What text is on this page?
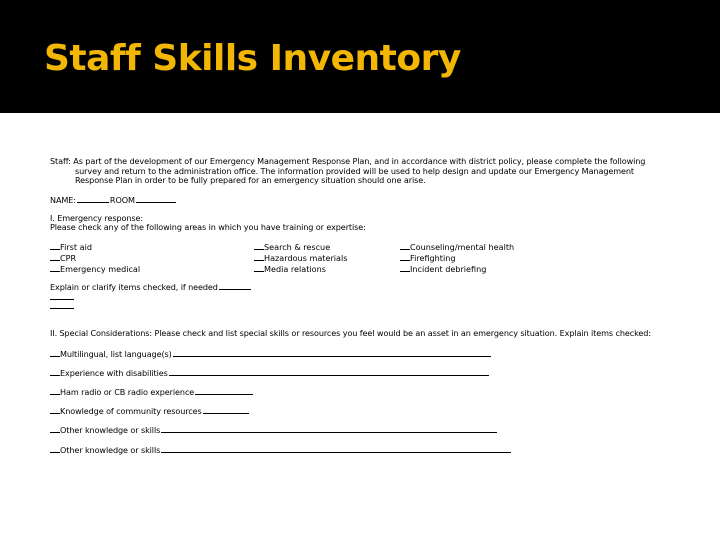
Staff Skills Inventory
Staff: As part of the development of our Emergency Management Response Plan, and in accordance with district policy, please complete the following
survey and return to the administration office. The information provided will be used to help design and update our Emergency Management
Response Plan in order to be fully prepared for an emergency situation should one arise.
NAME:	ROOM
I. Emergency response:
Please check any of the following areas in which you have training or expertise:
First aid
CPR
Emergency medical
Search & rescue
Hazardous materials
Media relations
Counseling/mental health
Firefighting
Incident debriefing
Explain or clarify items checked, if needed
II. Special Considerations: Please check and list special skills or resources you feel would be an asset in an emergency situation. Explain items checked:
Multilingual, list language(s)
Experience with disabilities
Ham radio or CB radio experience
Knowledge of community resources
Other knowledge or skills
Other knowledge or skills
